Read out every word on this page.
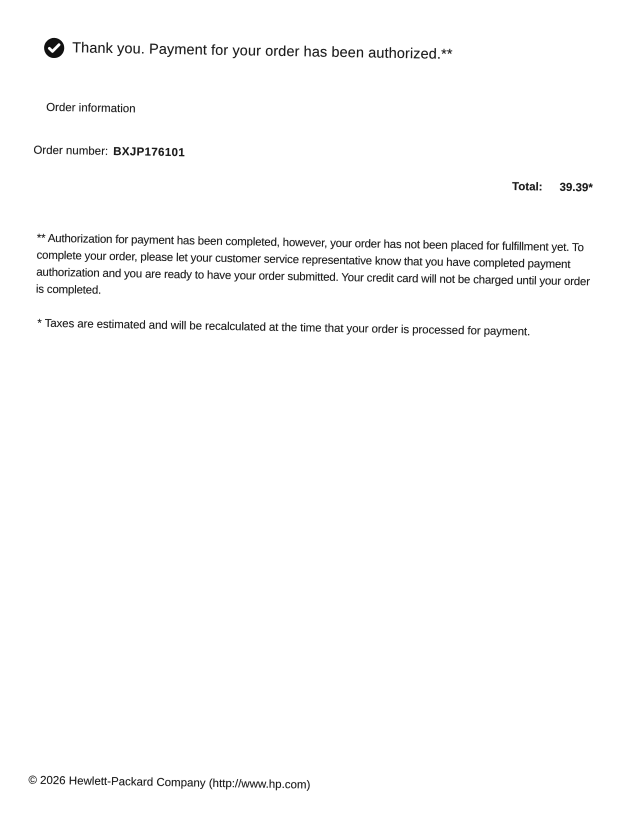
Thank you. Payment for your order has been authorized.**
Order information
Order number: BXJP176101
Total: 39.39*

** Authorization for payment has been completed, however, your order has not been placed for fulfillment yet. To complete your order, please let your customer service representative know that you have completed payment authorization and you are ready to have your order submitted. Your credit card will not be charged until your order is completed.

* Taxes are estimated and will be recalculated at the time that your order is processed for payment.

© 2026 Hewlett-Packard Company (http://www.hp.com)
